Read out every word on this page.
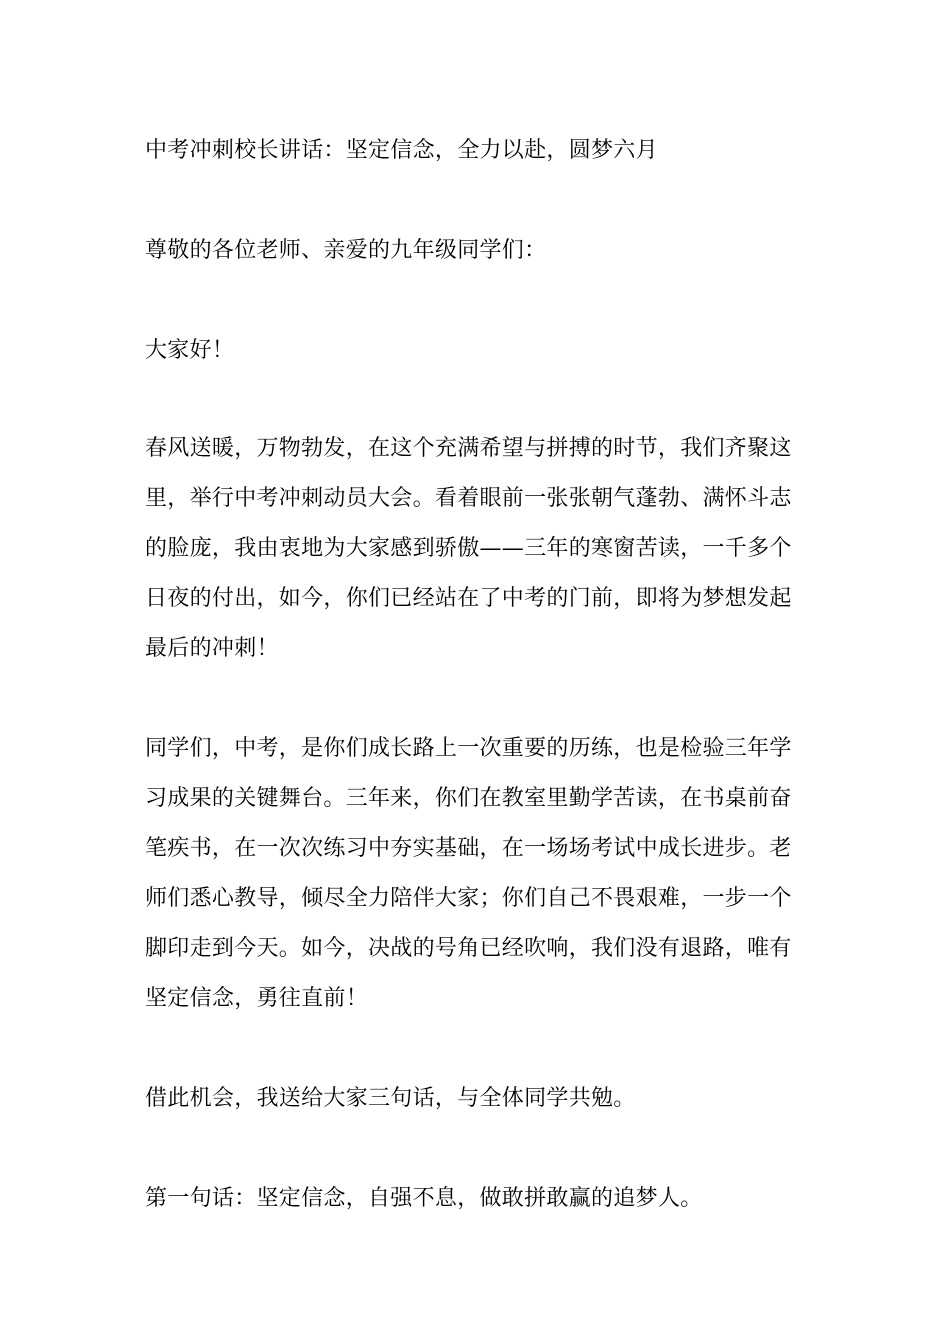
中考冲刺校长讲话：坚定信念，全力以赴，圆梦六月

尊敬的各位老师、亲爱的九年级同学们：

大家好！

春风送暖，万物勃发，在这个充满希望与拼搏的时节，我们齐聚这
里，举行中考冲刺动员大会。看着眼前一张张朝气蓬勃、满怀斗志
的脸庞，我由衷地为大家感到骄傲——三年的寒窗苦读，一千多个
日夜的付出，如今，你们已经站在了中考的门前，即将为梦想发起
最后的冲刺！

同学们，中考，是你们成长路上一次重要的历练，也是检验三年学
习成果的关键舞台。三年来，你们在教室里勤学苦读，在书桌前奋
笔疾书，在一次次练习中夯实基础，在一场场考试中成长进步。老
师们悉心教导，倾尽全力陪伴大家；你们自己不畏艰难，一步一个
脚印走到今天。如今，决战的号角已经吹响，我们没有退路，唯有
坚定信念，勇往直前！

借此机会，我送给大家三句话，与全体同学共勉。

第一句话：坚定信念，自强不息，做敢拼敢赢的追梦人。
